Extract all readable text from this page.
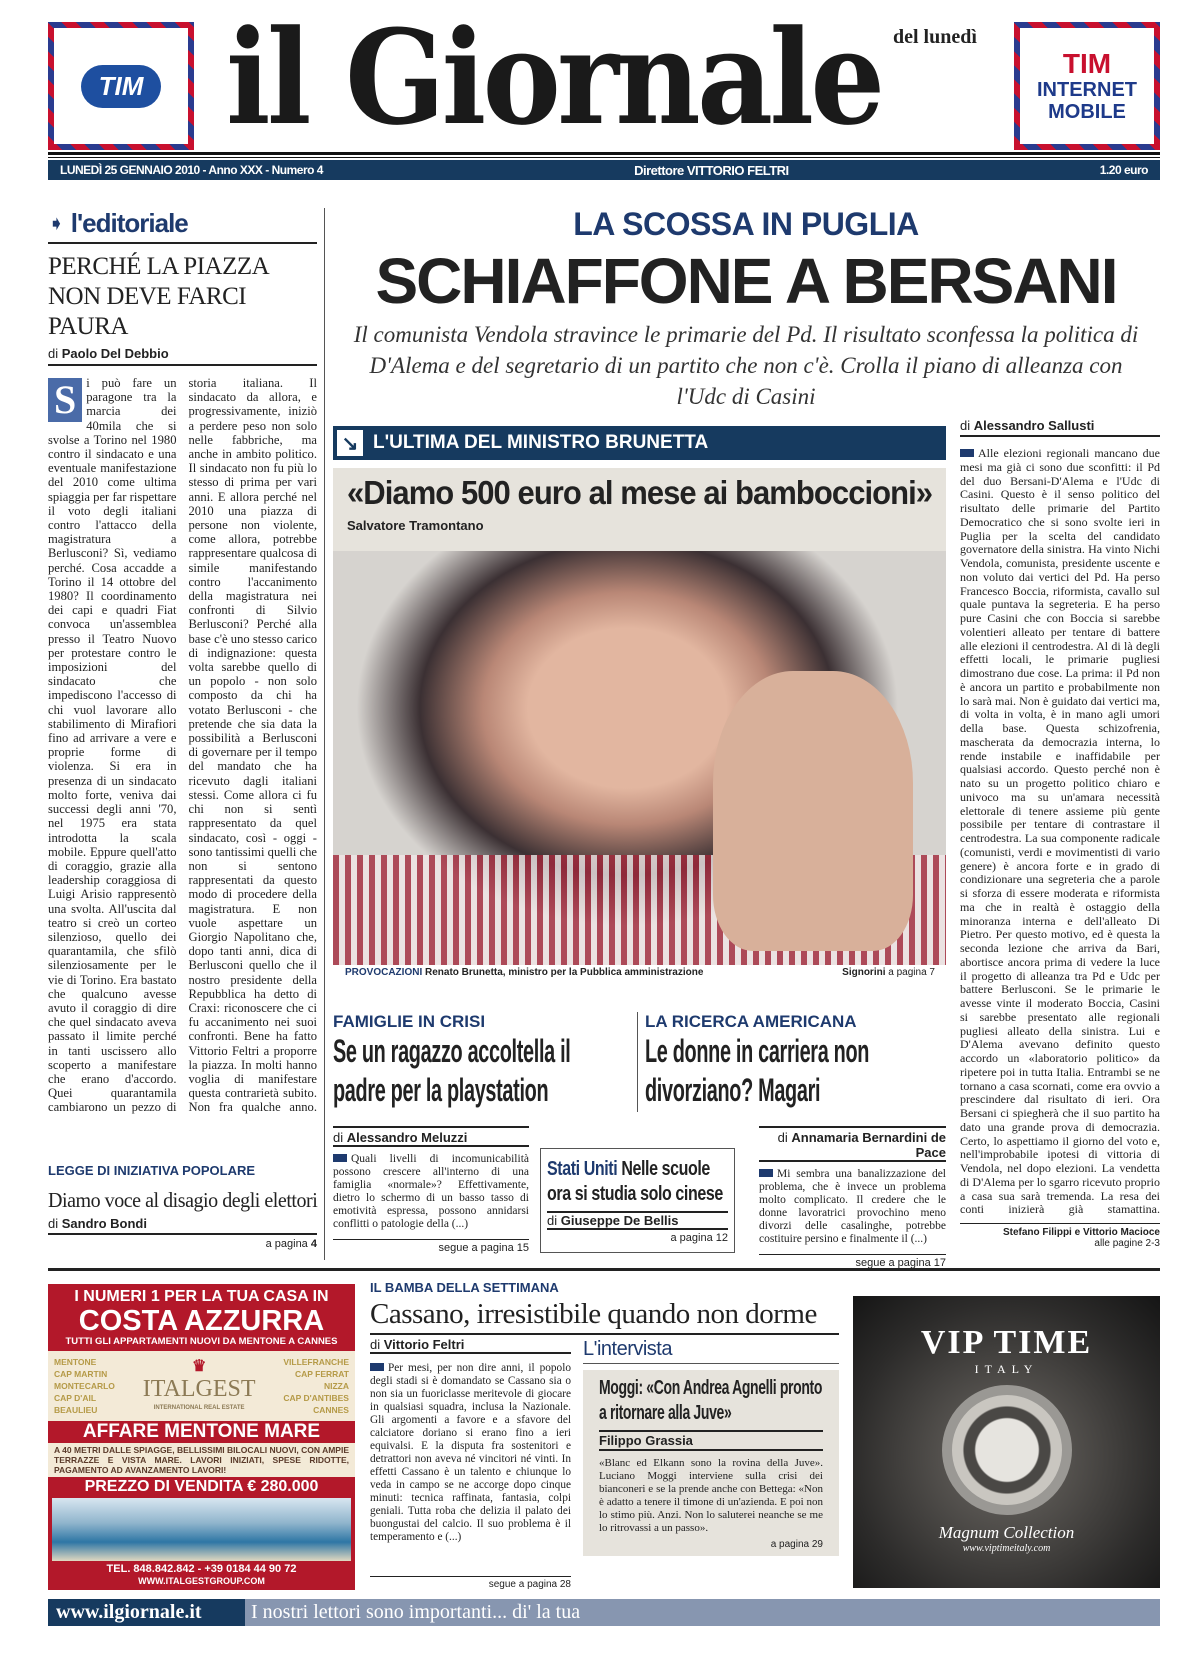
TIM il Giornale del lunedì
TIM
INTERNET
MOBILE
LUNEDÌ 25 GENNAIO 2010 - Anno XXX - Numero 4	Direttore VITTORIO FELTRI	1.20 euro
➧ l'editoriale
PERCHÉ LA PIAZZA NON DEVE FARCI PAURA
di Paolo Del Debbio
S i può fare un paragone tra la marcia dei 40mila che si svolse a Torino nel 1980 contro il sindacato e una eventuale manifestazione del 2010 come ultima spiaggia per far rispettare il voto degli italiani contro l'attacco della magistratura a Berlusconi? Sì, vediamo perché. Cosa accadde a Torino il 14 ottobre del 1980? Il coordinamento dei capi e quadri Fiat convoca un'assemblea presso il Teatro Nuovo per protestare contro le imposizioni del sindacato che impediscono l'accesso di chi vuol lavorare allo stabilimento di Mirafiori fino ad arrivare a vere e proprie forme di violenza. Si era in presenza di un sindacato molto forte, veniva dai successi degli anni '70, nel 1975 era stata introdotta la scala mobile. Eppure quell'atto di coraggio, grazie alla leadership coraggiosa di Luigi Arisio rappresentò una svolta. All'uscita dal teatro si creò un corteo silenzioso, quello dei quarantamila, che sfilò silenziosamente per le vie di Torino. Era bastato che qualcuno avesse avuto il coraggio di dire che quel sindacato aveva passato il limite perché in tanti uscissero allo scoperto a manifestare che erano d'accordo. Quei quarantamila cambiarono un pezzo di storia italiana. Il sindacato da allora, e progressivamente, iniziò a perdere peso non solo nelle fabbriche, ma anche in ambito politico. Il sindacato non fu più lo stesso di prima per vari anni. E allora perché nel 2010 una piazza di persone non violente, come allora, potrebbe rappresentare qualcosa di simile manifestando contro l'accanimento della magistratura nei confronti di Silvio Berlusconi? Perché alla base c'è uno stesso carico di indignazione: questa volta sarebbe quello di un popolo - non solo composto da chi ha votato Berlusconi - che pretende che sia data la possibilità a Berlusconi di governare per il tempo del mandato che ha ricevuto dagli italiani stessi. Come allora ci fu chi non si sentì rappresentato da quel sindacato, così - oggi - sono tantissimi quelli che non si sentono rappresentati da questo modo di procedere della magistratura. E non vuole aspettare un Giorgio Napolitano che, dopo tanti anni, dica di Berlusconi quello che il nostro presidente della Repubblica ha detto di Craxi: riconoscere che ci fu accanimento nei suoi confronti. Bene ha fatto Vittorio Feltri a proporre la piazza. In molti hanno voglia di manifestare questa contrarietà subito. Non fra qualche anno.
LEGGE DI INIZIATIVA POPOLARE
Diamo voce al disagio degli elettori
di Sandro Bondi
a pagina 4
LA SCOSSA IN PUGLIA
SCHIAFFONE A BERSANI
Il comunista Vendola stravince le primarie del Pd. Il risultato sconfessa la politica di D'Alema e del segretario di un partito che non c'è. Crolla il piano di alleanza con l'Udc di Casini
↘ L'ULTIMA DEL MINISTRO BRUNETTA
«Diamo 500 euro al mese ai bamboccioni»
Salvatore Tramontano
PROVOCAZIONI Renato Brunetta, ministro per la Pubblica amministrazione	Signorini a pagina 7
FAMIGLIE IN CRISI
Se un ragazzo accoltella il padre per la playstation
LA RICERCA AMERICANA
Le donne in carriera non divorziano? Magari
di Alessandro Meluzzi
Quali livelli di incomunicabilità possono crescere all'interno di una famiglia «normale»? Effettivamente, dietro lo schermo di un basso tasso di emotività espressa, possono annidarsi conflitti o patologie della (...)
segue a pagina 15
Stati Uniti Nelle scuole ora si studia solo cinese
di Giuseppe De Bellis
a pagina 12
di Annamaria Bernardini de Pace
Mi sembra una banalizzazione del problema, che è invece un problema molto complicato. Il credere che le donne lavoratrici provochino meno divorzi delle casalinghe, potrebbe costituire persino e finalmente il (...)
segue a pagina 17
di Alessandro Sallusti
Alle elezioni regionali mancano due mesi ma già ci sono due sconfitti: il Pd del duo Bersani-D'Alema e l'Udc di Casini. Questo è il senso politico del risultato delle primarie del Partito Democratico che si sono svolte ieri in Puglia per la scelta del candidato governatore della sinistra. Ha vinto Nichi Vendola, comunista, presidente uscente e non voluto dai vertici del Pd. Ha perso Francesco Boccia, riformista, cavallo sul quale puntava la segreteria. E ha perso pure Casini che con Boccia si sarebbe volentieri alleato per tentare di battere alle elezioni il centrodestra. Al di là degli effetti locali, le primarie pugliesi dimostrano due cose. La prima: il Pd non è ancora un partito e probabilmente non lo sarà mai. Non è guidato dai vertici ma, di volta in volta, è in mano agli umori della base. Questa schizofrenia, mascherata da democrazia interna, lo rende instabile e inaffidabile per qualsiasi accordo. Questo perché non è nato su un progetto politico chiaro e univoco ma su un'amara necessità elettorale di tenere assieme più gente possibile per tentare di contrastare il centrodestra. La sua componente radicale (comunisti, verdi e movimentisti di vario genere) è ancora forte e in grado di condizionare una segreteria che a parole si sforza di essere moderata e riformista ma che in realtà è ostaggio della minoranza interna e dell'alleato Di Pietro. Per questo motivo, ed è questa la seconda lezione che arriva da Bari, abortisce ancora prima di vedere la luce il progetto di alleanza tra Pd e Udc per battere Berlusconi. Se le primarie le avesse vinte il moderato Boccia, Casini si sarebbe presentato alle regionali pugliesi alleato della sinistra. Lui e D'Alema avevano definito questo accordo un «laboratorio politico» da ripetere poi in tutta Italia. Entrambi se ne tornano a casa scornati, come era ovvio a prescindere dal risultato di ieri. Ora Bersani ci spiegherà che il suo partito ha dato una grande prova di democrazia. Certo, lo aspettiamo il giorno del voto e, nell'improbabile ipotesi di vittoria di Vendola, nel dopo elezioni. La vendetta di D'Alema per lo sgarro ricevuto proprio a casa sua sarà tremenda. La resa dei conti inizierà già stamattina.
Stefano Filippi e Vittorio Macioce
alle pagine 2-3
I NUMERI 1 PER LA TUA CASA IN
COSTA AZZURRA
TUTTI GLI APPARTAMENTI NUOVI DA MENTONE A CANNES
MENTONE
CAP MARTIN
MONTECARLO
CAP D'AIL
BEAULIEU
♛
ITALGEST
INTERNATIONAL REAL ESTATE
VILLEFRANCHE
CAP FERRAT
NIZZA
CAP D'ANTIBES
CANNES
AFFARE MENTONE MARE
A 40 METRI DALLE SPIAGGE, BELLISSIMI BILOCALI NUOVI, CON AMPIE TERRAZZE E VISTA MARE. LAVORI INIZIATI, SPESE RIDOTTE, PAGAMENTO AD AVANZAMENTO LAVORI!
PREZZO DI VENDITA € 280.000
TEL. 848.842.842 - +39 0184 44 90 72
WWW.ITALGESTGROUP.COM
IL BAMBA DELLA SETTIMANA
Cassano, irresistibile quando non dorme
di Vittorio Feltri
Per mesi, per non dire anni, il popolo degli stadi si è domandato se Cassano sia o non sia un fuoriclasse meritevole di giocare in qualsiasi squadra, inclusa la Nazionale. Gli argomenti a favore e a sfavore del calciatore doriano si erano fino a ieri equivalsi. E la disputa fra sostenitori e detrattori non aveva né vincitori né vinti. In effetti Cassano è un talento e chiunque lo veda in campo se ne accorge dopo cinque minuti: tecnica raffinata, fantasia, colpi geniali. Tutta roba che delizia il palato dei buongustai del calcio. Il suo problema è il temperamento e (...)
segue a pagina 28
L'intervista
Moggi: «Con Andrea Agnelli pronto a ritornare alla Juve»
Filippo Grassia
«Blanc ed Elkann sono la rovina della Juve». Luciano Moggi interviene sulla crisi dei bianconeri e se la prende anche con Bettega: «Non è adatto a tenere il timone di un'azienda. E poi non lo stimo più. Anzi. Non lo saluterei neanche se me lo ritrovassi a un passo».
a pagina 29
VIP TIME
ITALY
Magnum Collection
www.viptimeitaly.com
www.ilgiornale.it	I nostri lettori sono importanti... di' la tua
